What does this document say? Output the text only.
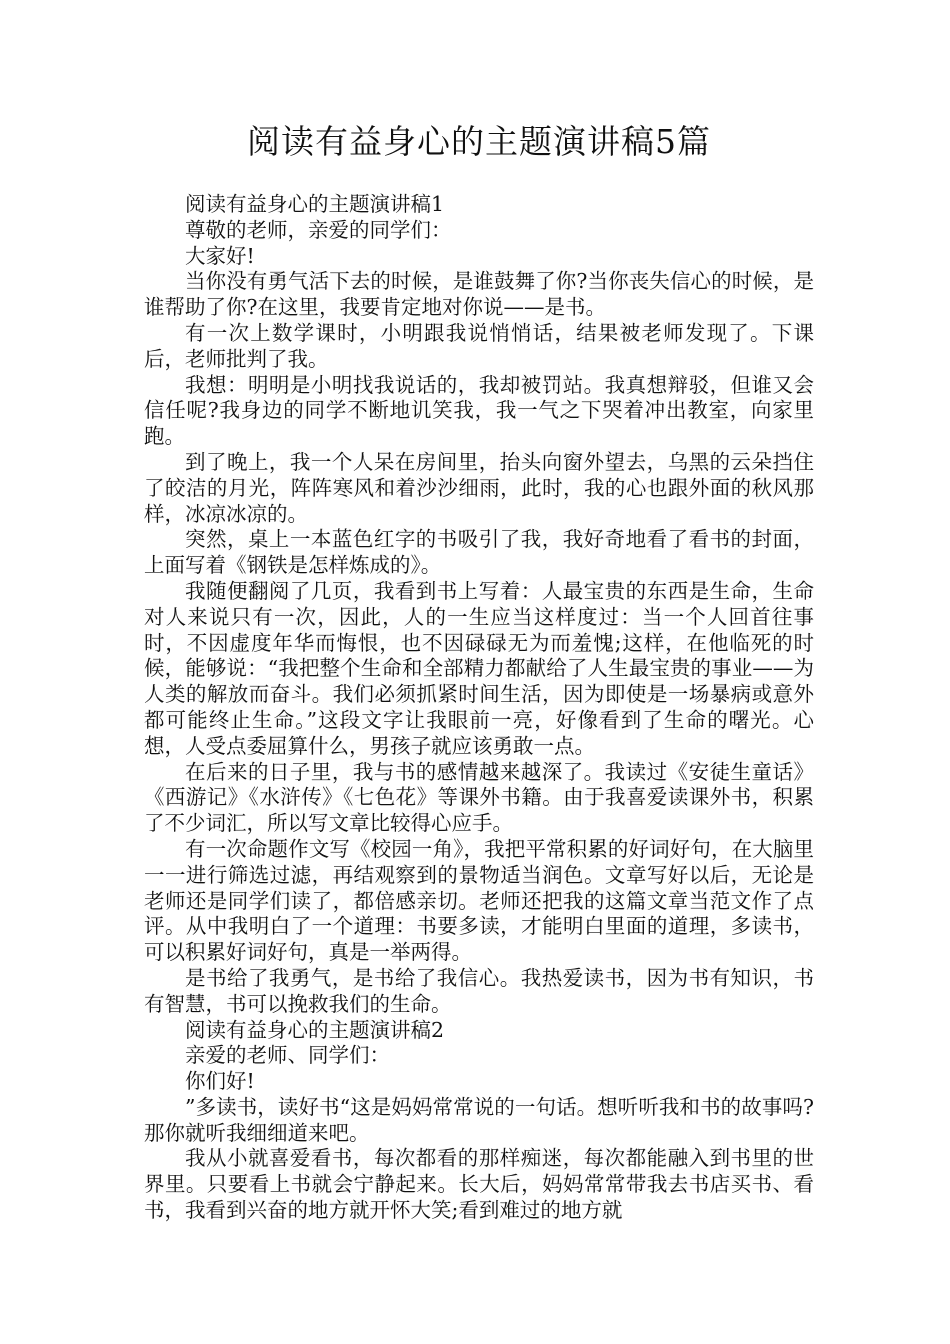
阅读有益身心的主题演讲稿5篇

阅读有益身心的主题演讲稿1

尊敬的老师，亲爱的同学们：

大家好!

当你没有勇气活下去的时候，是谁鼓舞了你?当你丧失信心的时候，是谁帮助了你?在这里，我要肯定地对你说——是书。

有一次上数学课时，小明跟我说悄悄话，结果被老师发现了。下课后，老师批判了我。

我想：明明是小明找我说话的，我却被罚站。我真想辩驳，但谁又会信任呢?我身边的同学不断地讥笑我，我一气之下哭着冲出教室，向家里跑。

到了晚上，我一个人呆在房间里，抬头向窗外望去，乌黑的云朵挡住了皎洁的月光，阵阵寒风和着沙沙细雨，此时，我的心也跟外面的秋风那样，冰凉冰凉的。

突然，桌上一本蓝色红字的书吸引了我，我好奇地看了看书的封面，上面写着《钢铁是怎样炼成的》。

我随便翻阅了几页，我看到书上写着：人最宝贵的东西是生命，生命对人来说只有一次，因此，人的一生应当这样度过：当一个人回首往事时，不因虚度年华而悔恨，也不因碌碌无为而羞愧;这样，在他临死的时候，能够说：“我把整个生命和全部精力都献给了人生最宝贵的事业——为人类的解放而奋斗。我们必须抓紧时间生活，因为即使是一场暴病或意外都可能终止生命。”这段文字让我眼前一亮，好像看到了生命的曙光。心想，人受点委屈算什么，男孩子就应该勇敢一点。

在后来的日子里，我与书的感情越来越深了。我读过《安徒生童话》《西游记》《水浒传》《七色花》等课外书籍。由于我喜爱读课外书，积累了不少词汇，所以写文章比较得心应手。

有一次命题作文写《校园一角》，我把平常积累的好词好句，在大脑里一一进行筛选过滤，再结观察到的景物适当润色。文章写好以后，无论是老师还是同学们读了，都倍感亲切。老师还把我的这篇文章当范文作了点评。从中我明白了一个道理：书要多读，才能明白里面的道理，多读书，可以积累好词好句，真是一举两得。

是书给了我勇气，是书给了我信心。我热爱读书，因为书有知识，书有智慧，书可以挽救我们的生命。

阅读有益身心的主题演讲稿2

亲爱的老师、同学们：

你们好!

”多读书，读好书“这是妈妈常常说的一句话。想听听我和书的故事吗?那你就听我细细道来吧。

我从小就喜爱看书，每次都看的那样痴迷，每次都能融入到书里的世界里。只要看上书就会宁静起来。长大后，妈妈常常带我去书店买书、看书，我看到兴奋的地方就开怀大笑;看到难过的地方就
